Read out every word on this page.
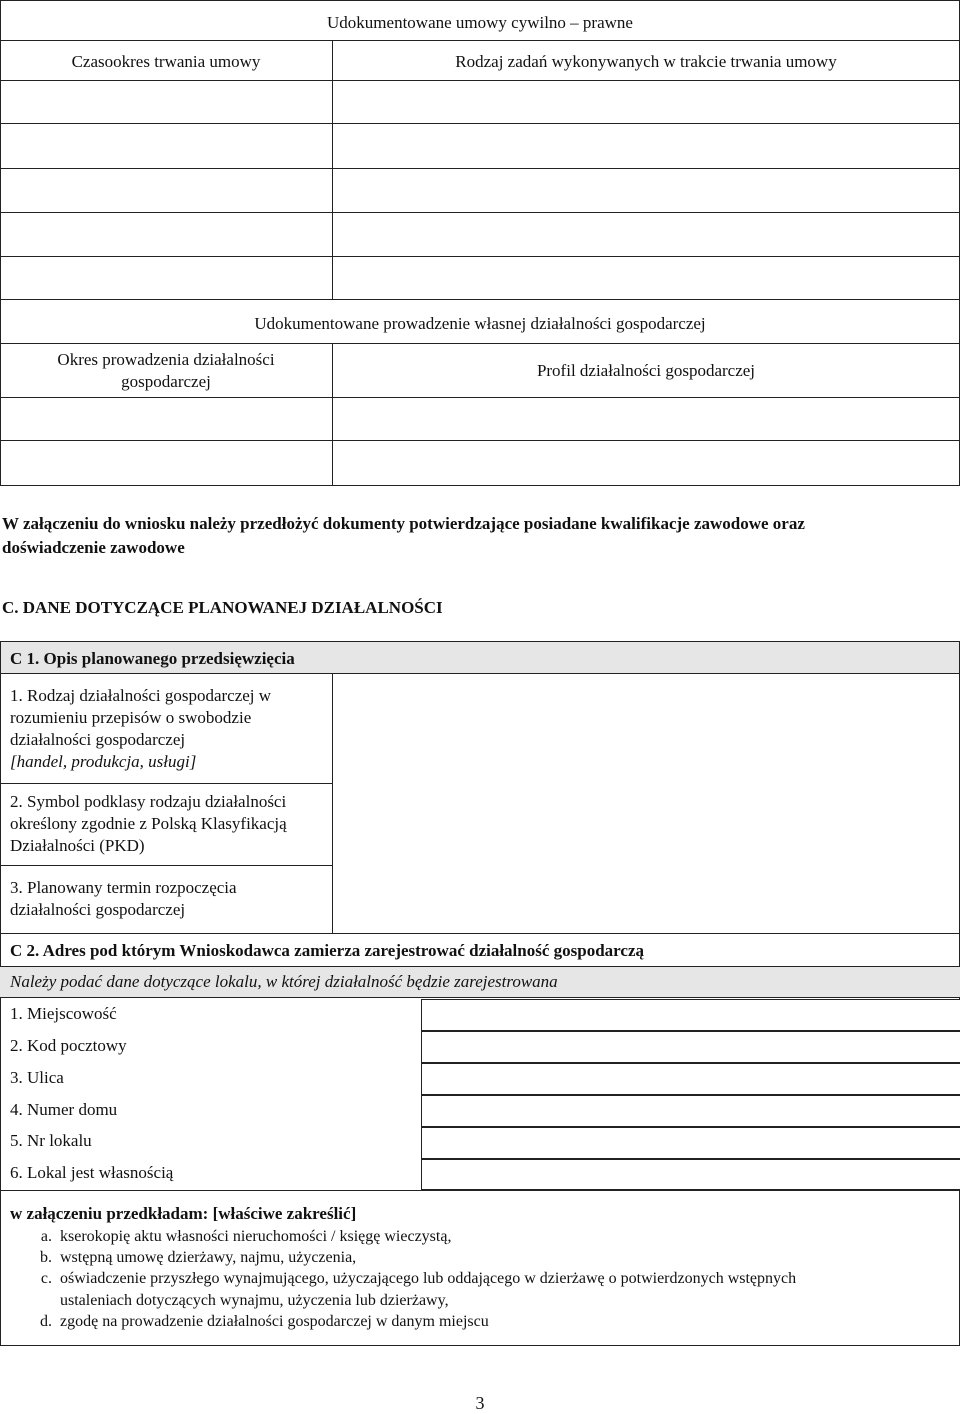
Udokumentowane umowy cywilno – prawne
Czasookres trwania umowy	Rodzaj zadań wykonywanych w trakcie trwania umowy
Udokumentowane prowadzenie własnej działalności gospodarczej
Okres prowadzenia działalności gospodarczej
Profil działalności gospodarczej
W załączeniu do wniosku należy przedłożyć dokumenty potwierdzające posiadane kwalifikacje zawodowe oraz doświadczenie zawodowe
C. DANE DOTYCZĄCE PLANOWANEJ DZIAŁALNOŚCI
C 1. Opis planowanego przedsięwzięcia
1. Rodzaj działalności gospodarczej w rozumieniu przepisów o swobodzie działalności gospodarczej
[handel, produkcja, usługi]
2. Symbol podklasy rodzaju działalności określony zgodnie z Polską Klasyfikacją Działalności (PKD)
3. Planowany termin rozpoczęcia działalności gospodarczej
C 2. Adres pod którym Wnioskodawca zamierza zarejestrować działalność gospodarczą
Należy podać dane dotyczące lokalu, w której działalność będzie zarejestrowana
1. Miejscowość
2. Kod pocztowy
3. Ulica
4. Numer domu
5. Nr lokalu
6. Lokal jest własnością
w załączeniu przedkładam: [właściwe zakreślić]
a. kserokopię aktu własności nieruchomości / księgę wieczystą,
b. wstępną umowę dzierżawy, najmu, użyczenia,
c. oświadczenie przyszłego wynajmującego, użyczającego lub oddającego w dzierżawę o potwierdzonych wstępnych
ustaleniach dotyczących wynajmu, użyczenia lub dzierżawy,
d. zgodę na prowadzenie działalności gospodarczej w danym miejscu
3
